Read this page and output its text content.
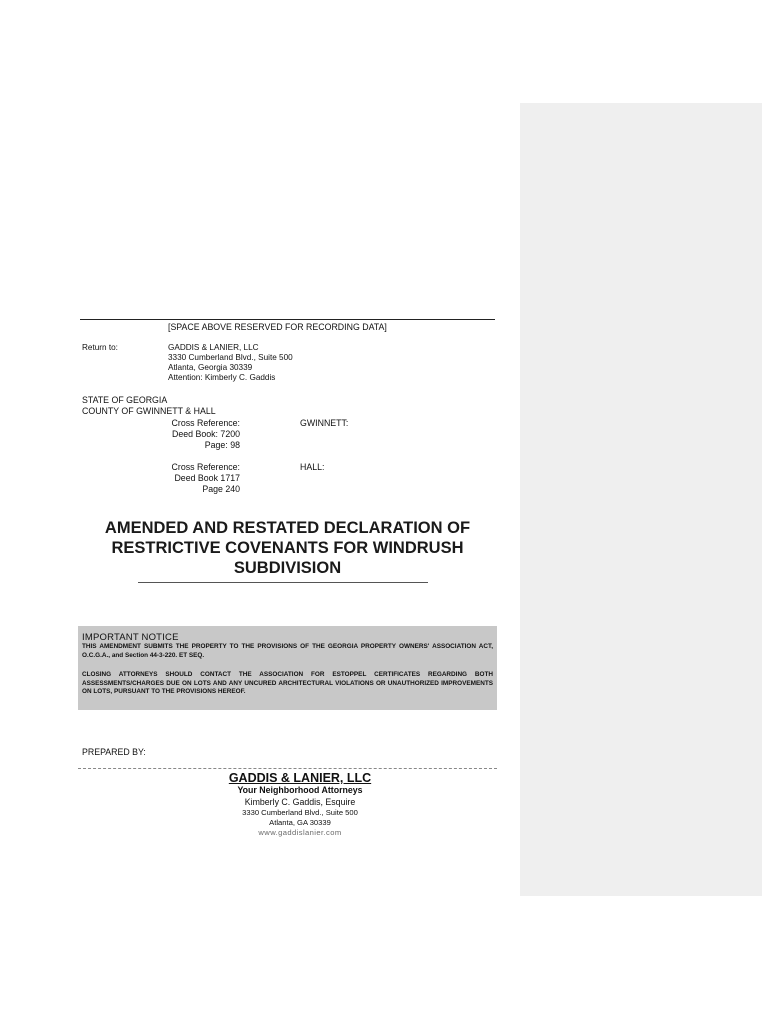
[SPACE ABOVE RESERVED FOR RECORDING DATA]
Return to:	GADDIS & LANIER, LLC
3330 Cumberland Blvd., Suite 500
Atlanta, Georgia 30339
Attention: Kimberly C. Gaddis
STATE OF GEORGIA
COUNTY OF GWINNETT & HALL
GWINNETT:
Cross Reference:
Deed Book: 7200
Page: 98
HALL:
Cross Reference:
Deed Book 1717
Page 240
AMENDED AND RESTATED DECLARATION OF
RESTRICTIVE COVENANTS FOR WINDRUSH
SUBDIVISION
IMPORTANT NOTICE
THIS AMENDMENT SUBMITS THE PROPERTY TO THE PROVISIONS OF THE GEORGIA PROPERTY OWNERS' ASSOCIATION ACT, O.C.G.A., and Section 44-3-220. ET SEQ.
CLOSING ATTORNEYS SHOULD CONTACT THE ASSOCIATION FOR ESTOPPEL CERTIFICATES REGARDING BOTH ASSESSMENTS/CHARGES DUE ON LOTS AND ANY UNCURED ARCHITECTURAL VIOLATIONS OR UNAUTHORIZED IMPROVEMENTS ON LOTS, PURSUANT TO THE PROVISIONS HEREOF.
PREPARED BY:
GADDIS & LANIER, LLC
Your Neighborhood Attorneys
Kimberly C. Gaddis, Esquire
3330 Cumberland Blvd., Suite 500
Atlanta, GA 30339
www.gaddislanier.com
